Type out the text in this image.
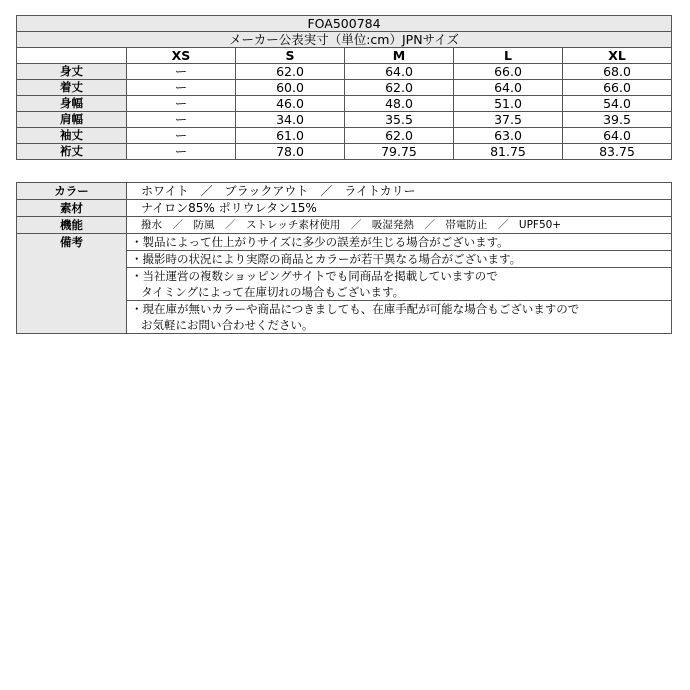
FOA500784					
メーカー公表実寸（単位:cm）JPNサイズ					
	XS	S	M	L	XL
身丈	ー	62.0	64.0	66.0	68.0
着丈	ー	60.0	62.0	64.0	66.0
身幅	ー	46.0	48.0	51.0	54.0
肩幅	ー	34.0	35.5	37.5	39.5
袖丈	ー	61.0	62.0	63.0	64.0
裄丈	ー	78.0	79.75	81.75	83.75
カラー	ホワイト　／　ブラックアウト　／　ライトカリー
素材	ナイロン85% ポリウレタン15%
機能	撥水　／　防風　／　ストレッチ素材使用　／　吸湿発熱　／　帯電防止　／　UPF50+
備考	・製品によって仕上がりサイズに多少の誤差が生じる場合がございます。

	・撮影時の状況により実際の商品とカラーが若干異なる場合がございます。

	・当社運営の複数ショッピングサイトでも同商品を掲載していますので
タイミングによって在庫切れの場合もございます。

	・現在庫が無いカラーや商品につきましても、在庫手配が可能な場合もございますので
お気軽にお問い合わせください。
